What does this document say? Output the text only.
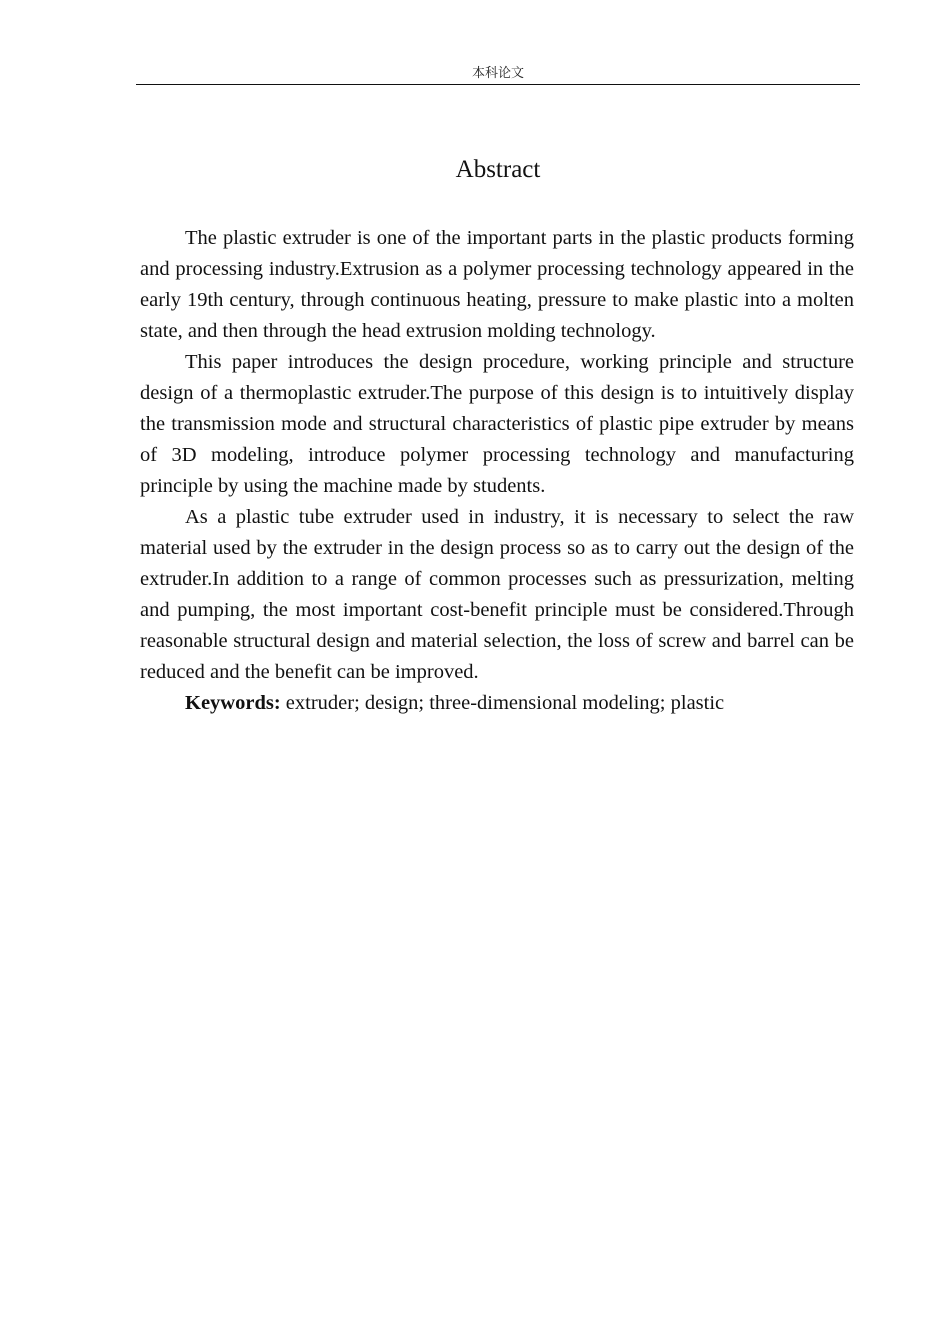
本科论文
Abstract

The plastic extruder is one of the important parts in the plastic products forming and processing industry.Extrusion as a polymer processing technology appeared in the early 19th century, through continuous heating, pressure to make plastic into a molten state, and then through the head extrusion molding technology.

This paper introduces the design procedure, working principle and structure design of a thermoplastic extruder.The purpose of this design is to intuitively display the transmission mode and structural characteristics of plastic pipe extruder by means of 3D modeling, introduce polymer processing technology and manufacturing principle by using the machine made by students.

As a plastic tube extruder used in industry, it is necessary to select the raw material used by the extruder in the design process so as to carry out the design of the extruder.In addition to a range of common processes such as pressurization, melting and pumping, the most important cost-benefit principle must be considered.Through reasonable structural design and material selection, the loss of screw and barrel can be reduced and the benefit can be improved.

Keywords: extruder; design; three-dimensional modeling; plastic
